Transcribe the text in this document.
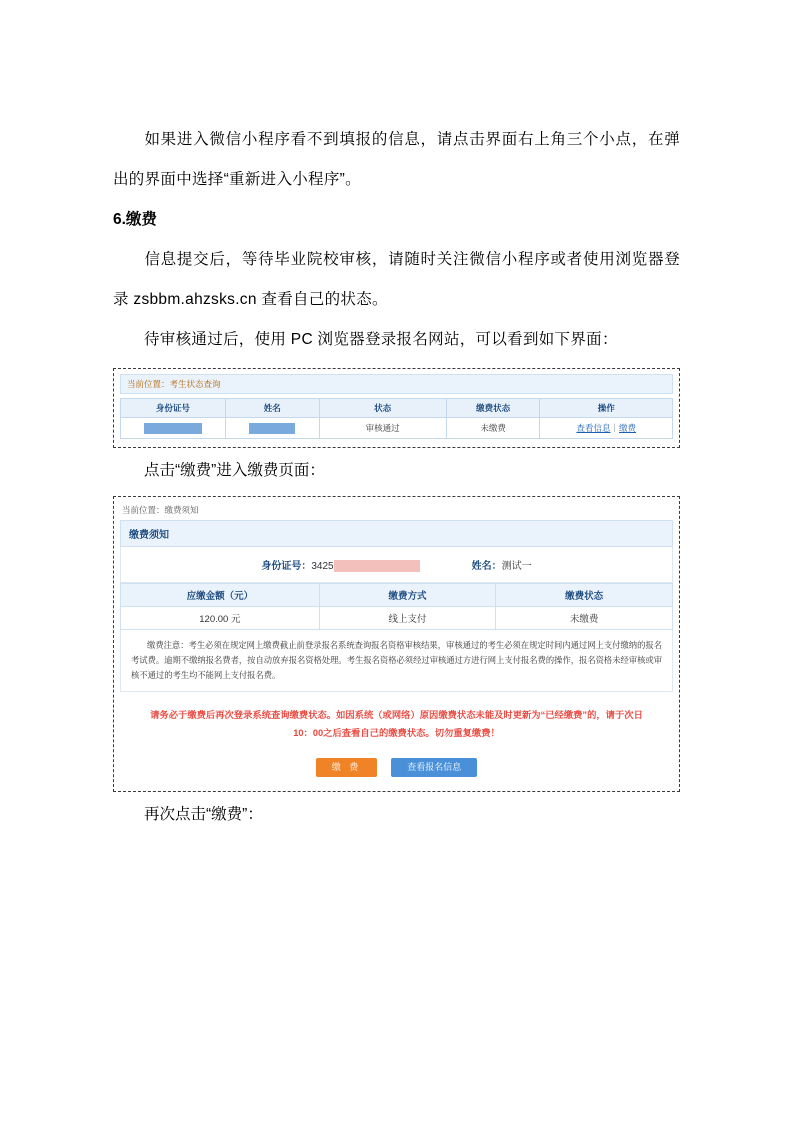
如果进入微信小程序看不到填报的信息，请点击界面右上角三个小点，在弹出的界面中选择“重新进入小程序”。

6.缴费

信息提交后，等待毕业院校审核，请随时关注微信小程序或者使用浏览器登录 zsbbm.ahzsks.cn 查看自己的状态。

待审核通过后，使用 PC 浏览器登录报名网站，可以看到如下界面：

当前位置：考生状态查询
身份证号	姓名	状态	缴费状态	操作
		审核通过	未缴费	查看信息｜缴费

点击“缴费”进入缴费页面：

当前位置：缴费须知
缴费须知
身份证号：3425	姓名：测试一
应缴金额（元）	缴费方式	缴费状态
120.00 元	线上支付	未缴费
缴费注意：考生必须在规定网上缴费截止前登录报名系统查询报名资格审核结果，审核通过的考生必须在规定时间内通过网上支付缴纳的报名考试费。逾期不缴纳报名费者，按自动放弃报名资格处理。考生报名资格必须经过审核通过方进行网上支付报名费的操作，报名资格未经审核或审核不通过的考生均不能网上支付报名费。
请务必于缴费后再次登录系统查询缴费状态。如因系统（或网络）原因缴费状态未能及时更新为“已经缴费”的，请于次日10：00之后查看自己的缴费状态。切勿重复缴费！
缴 费	查看报名信息

再次点击“缴费”：
